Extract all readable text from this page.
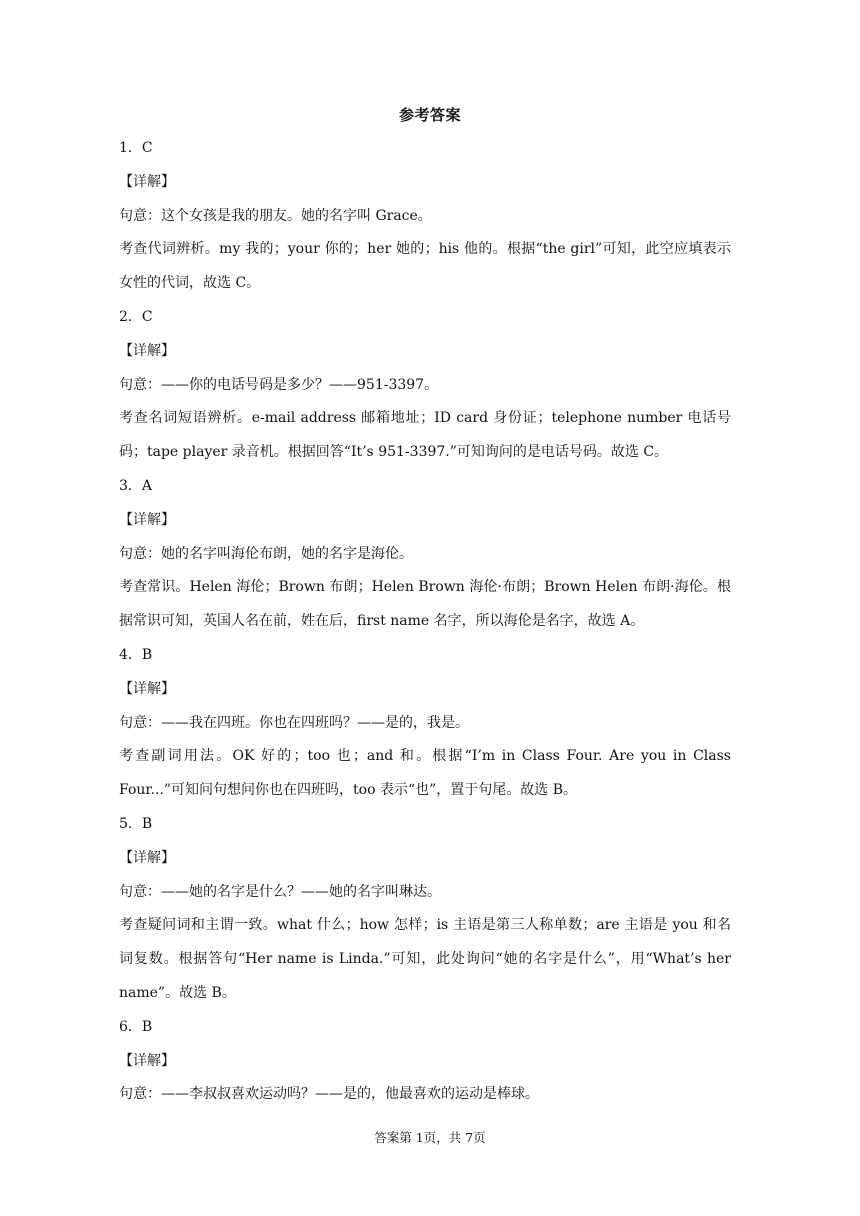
参考答案
1．C
【详解】
句意：这个女孩是我的朋友。她的名字叫 Grace。
考查代词辨析。my 我的；your 你的；her 她的；his 他的。根据“the girl”可知，此空应填表示女性的代词，故选 C。
2．C
【详解】
句意：——你的电话号码是多少？——951-3397。
考查名词短语辨析。e-mail address 邮箱地址；ID card 身份证；telephone number 电话号码；tape player 录音机。根据回答“It’s 951-3397.”可知询问的是电话号码。故选 C。
3．A
【详解】
句意：她的名字叫海伦布朗，她的名字是海伦。
考查常识。Helen 海伦；Brown 布朗；Helen Brown 海伦·布朗；Brown Helen 布朗·海伦。根据常识可知，英国人名在前，姓在后，first name 名字，所以海伦是名字，故选 A。
4．B
【详解】
句意：——我在四班。你也在四班吗？——是的，我是。
考查副词用法。OK 好的；too 也；and 和。根据“I’m in Class Four. Are you in Class Four...”可知问句想问你也在四班吗，too 表示“也”，置于句尾。故选 B。
5．B
【详解】
句意：——她的名字是什么？——她的名字叫琳达。
考查疑问词和主谓一致。what 什么；how 怎样；is 主语是第三人称单数；are 主语是 you 和名词复数。根据答句“Her name is Linda.”可知，此处询问“她的名字是什么”，用“What’s her name”。故选 B。
6．B
【详解】
句意：——李叔叔喜欢运动吗？——是的，他最喜欢的运动是棒球。
答案第 1页，共 7页
